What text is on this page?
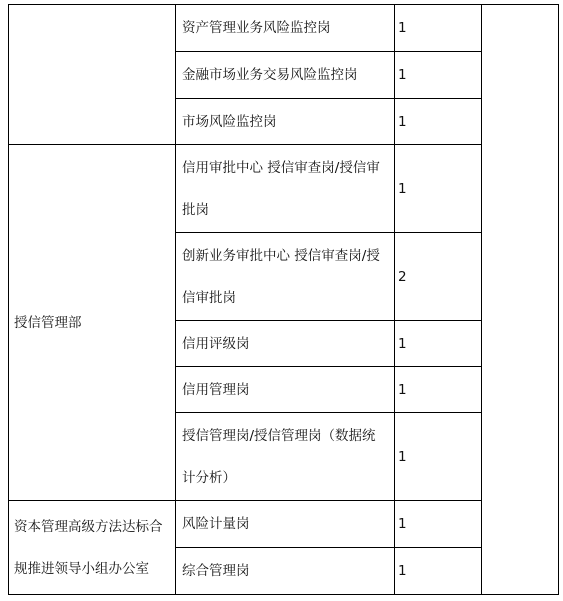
	资产管理业务风险监控岗	1	
	金融市场业务交易风险监控岗	1	
	市场风险监控岗	1	
授信管理部	信用审批中心 授信审查岗/授信审批岗	1	
	创新业务审批中心 授信审查岗/授信审批岗	2	
	信用评级岗	1	
	信用管理岗	1	
	授信管理岗/授信管理岗（数据统计分析）	1	
资本管理高级方法达标合规推进领导小组办公室	风险计量岗	1	
	综合管理岗	1	
